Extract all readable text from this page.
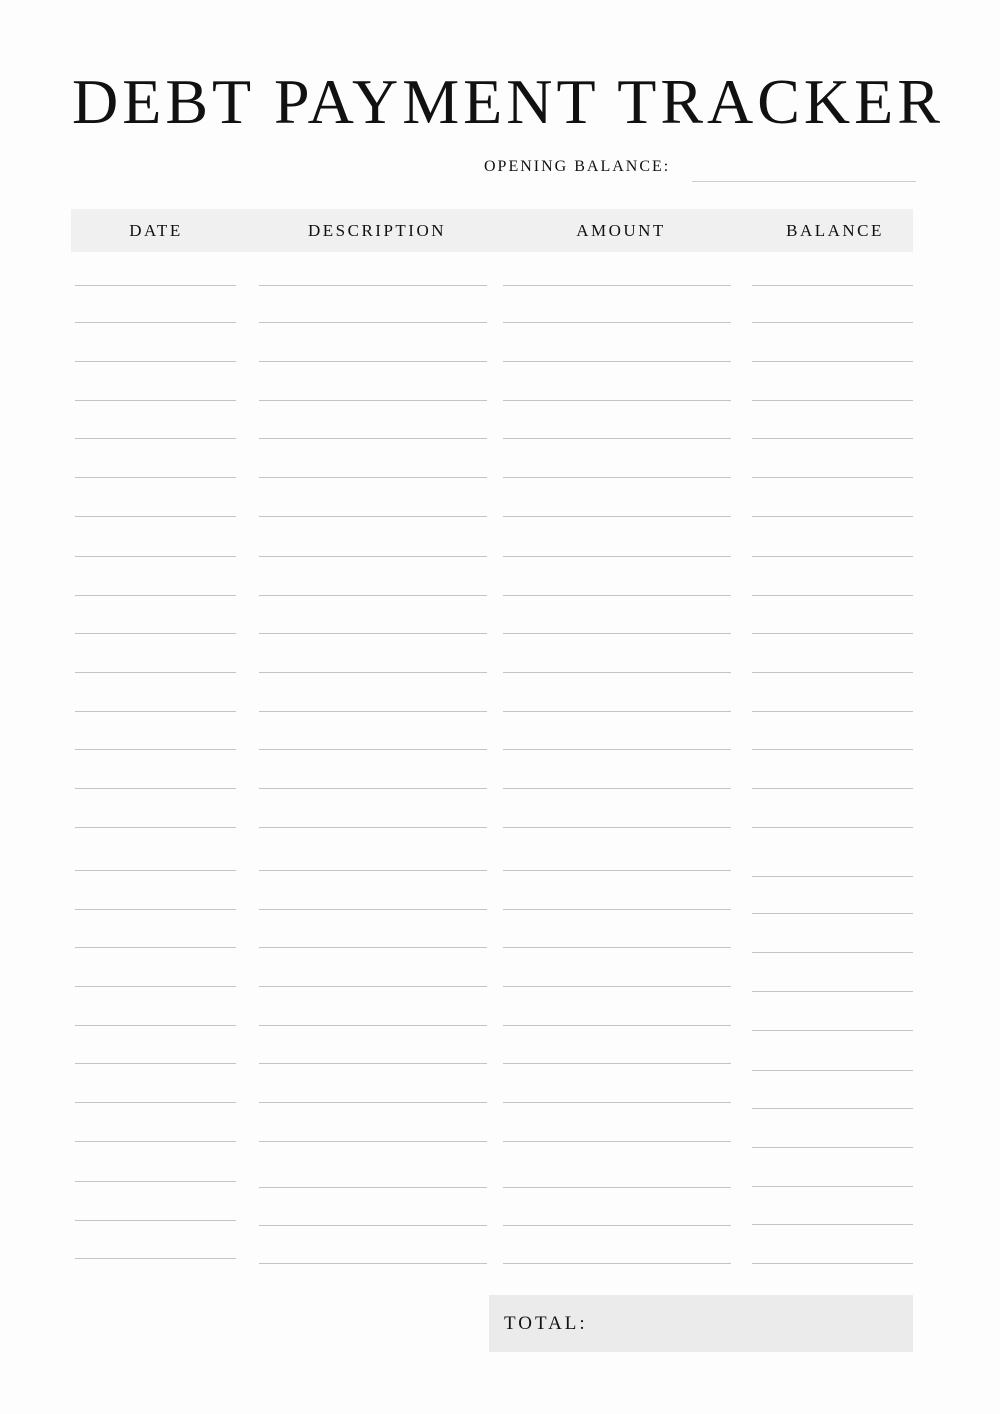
DEBT PAYMENT TRACKER
OPENING BALANCE:
DATE	DESCRIPTION	AMOUNT	BALANCE
TOTAL:
